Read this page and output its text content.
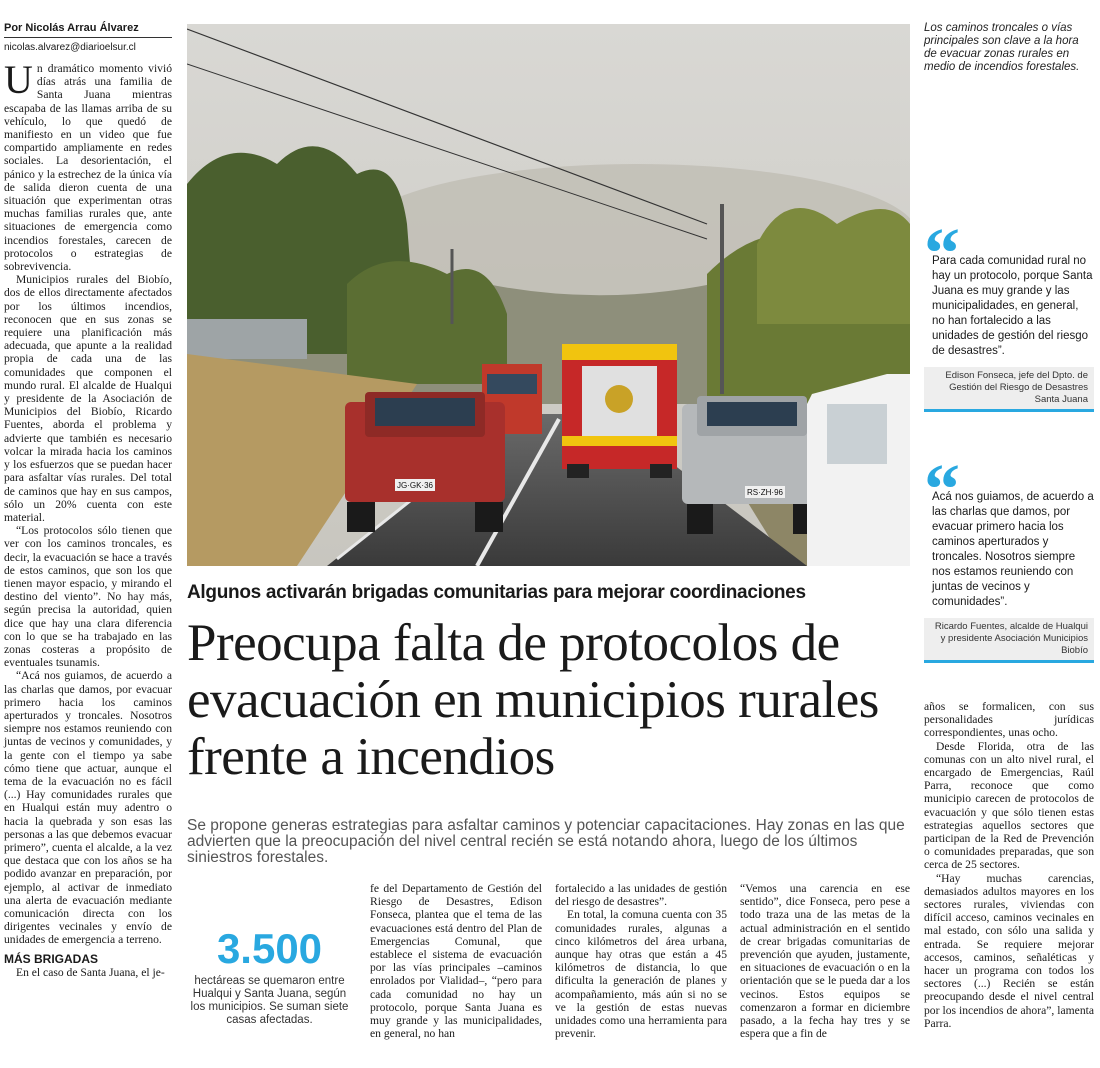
Por Nicolás Arrau Álvarez
nicolas.alvarez@diarioelsur.cl

Un dramático momento vivió días atrás una familia de Santa Juana mientras escapaba de las llamas arriba de su vehículo, lo que quedó de manifiesto en un video que fue compartido ampliamente en redes sociales. La desorientación, el pánico y la estrechez de la única vía de salida dieron cuenta de una situación que experimentan otras muchas familias rurales que, ante situaciones de emergencia como incendios forestales, carecen de protocolos o estrategias de sobrevivencia.

Municipios rurales del Biobío, dos de ellos directamente afectados por los últimos incendios, reconocen que en sus zonas se requiere una planificación más adecuada, que apunte a la realidad propia de cada una de las comunidades que componen el mundo rural. El alcalde de Hualqui y presidente de la Asociación de Municipios del Biobío, Ricardo Fuentes, aborda el problema y advierte que también es necesario volcar la mirada hacia los caminos y los esfuerzos que se puedan hacer para asfaltar vías rurales. Del total de caminos que hay en sus campos, sólo un 20% cuenta con este material.

“Los protocolos sólo tienen que ver con los caminos troncales, es decir, la evacuación se hace a través de estos caminos, que son los que tienen mayor espacio, y mirando el destino del viento”. No hay más, según precisa la autoridad, quien dice que hay una clara diferencia con lo que se ha trabajado en las zonas costeras a propósito de eventuales tsunamis.

“Acá nos guiamos, de acuerdo a las charlas que damos, por evacuar primero hacia los caminos aperturados y troncales. Nosotros siempre nos estamos reuniendo con juntas de vecinos y comunidades, y la gente con el tiempo ya sabe cómo tiene que actuar, aunque el tema de la evacuación no es fácil (...) Hay comunidades rurales que en Hualqui están muy adentro o hacia la quebrada y son esas las personas a las que debemos evacuar primero”, cuenta el alcalde, a la vez que destaca que con los años se ha podido avanzar en preparación, por ejemplo, al activar de inmediato una alerta de evacuación mediante comunicación directa con los dirigentes vecinales y envío de unidades de emergencia a terreno.

MÁS BRIGADAS

En el caso de Santa Juana, el je-

JG·GK·36
RS·ZH·96
Los caminos troncales o vías principales son clave a la hora de evacuar zonas rurales en medio de incendios forestales.
“
Para cada comunidad rural no hay un protocolo, porque Santa Juana es muy grande y las municipalidades, en general, no han fortalecido a las unidades de gestión del riesgo de desastres”.
Edison Fonseca, jefe del Dpto. de Gestión del Riesgo de Desastres Santa Juana
“
Acá nos guiamos, de acuerdo a las charlas que damos, por evacuar primero hacia los caminos aperturados y troncales. Nosotros siempre nos estamos reuniendo con juntas de vecinos y comunidades”.
Ricardo Fuentes, alcalde de Hualqui y presidente Asociación Municipios Biobío
Algunos activarán brigadas comunitarias para mejorar coordinaciones
Preocupa falta de protocolos de evacuación en municipios rurales frente a incendios
Se propone generas estrategias para asfaltar caminos y potenciar capacitaciones. Hay zonas en las que advierten que la preocupación del nivel central recién se está notando ahora, luego de los últimos siniestros forestales.
3.500
hectáreas se quemaron entre Hualqui y Santa Juana, según los municipios. Se suman siete casas afectadas.

fe del Departamento de Gestión del Riesgo de Desastres, Edison Fonseca, plantea que el tema de las evacuaciones está dentro del Plan de Emergencias Comunal, que establece el sistema de evacuación por las vías principales –caminos enrolados por Vialidad–, “pero para cada comunidad no hay un protocolo, porque Santa Juana es muy grande y las municipalidades, en general, no han

fortalecido a las unidades de gestión del riesgo de desastres”.

En total, la comuna cuenta con 35 comunidades rurales, algunas a cinco kilómetros del área urbana, aunque hay otras que están a 45 kilómetros de distancia, lo que dificulta la generación de planes y acompañamiento, más aún si no se ve la gestión de estas nuevas unidades como una herramienta para prevenir.

“Vemos una carencia en ese sentido”, dice Fonseca, pero pese a todo traza una de las metas de la actual administración en el sentido de crear brigadas comunitarias de prevención que ayuden, justamente, en situaciones de evacuación o en la orientación que se le pueda dar a los vecinos. Estos equipos se comenzaron a formar en diciembre pasado, a la fecha hay tres y se espera que a fin de

años se formalicen, con sus personalidades jurídicas correspondientes, unas ocho.

Desde Florida, otra de las comunas con un alto nivel rural, el encargado de Emergencias, Raúl Parra, reconoce que como municipio carecen de protocolos de evacuación y que sólo tienen estas estrategias aquellos sectores que participan de la Red de Prevención o comunidades preparadas, que son cerca de 25 sectores.

“Hay muchas carencias, demasiados adultos mayores en los sectores rurales, viviendas con difícil acceso, caminos vecinales en mal estado, con sólo una salida y entrada. Se requiere mejorar accesos, caminos, señaléticas y hacer un programa con todos los sectores (...) Recién se están preocupando desde el nivel central por los incendios de ahora”, lamenta Parra.
